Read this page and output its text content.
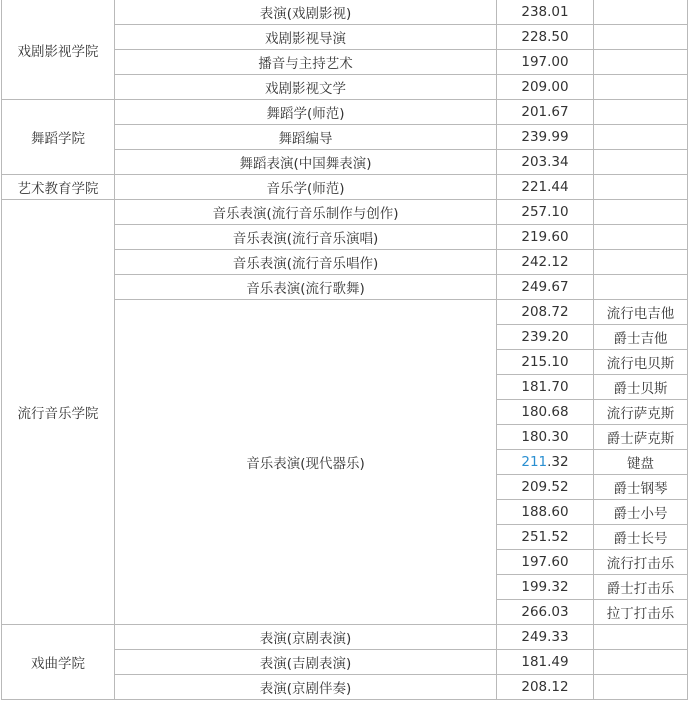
戏剧影视学院	表演(戏剧影视)	238.01	
	戏剧影视导演	228.50	
	播音与主持艺术	197.00	
	戏剧影视文学	209.00	
舞蹈学院	舞蹈学(师范)	201.67	
	舞蹈编导	239.99	
	舞蹈表演(中国舞表演)	203.34	
艺术教育学院	音乐学(师范)	221.44	
流行音乐学院	音乐表演(流行音乐制作与创作)	257.10	
	音乐表演(流行音乐演唱)	219.60	
	音乐表演(流行音乐唱作)	242.12	
	音乐表演(流行歌舞)	249.67	
	音乐表演(现代器乐)	208.72	流行电吉他
		239.20	爵士吉他
		215.10	流行电贝斯
		181.70	爵士贝斯
		180.68	流行萨克斯
		180.30	爵士萨克斯
		211.32	键盘
		209.52	爵士钢琴
		188.60	爵士小号
		251.52	爵士长号
		197.60	流行打击乐
		199.32	爵士打击乐
		266.03	拉丁打击乐
戏曲学院	表演(京剧表演)	249.33	
	表演(吉剧表演)	181.49	
	表演(京剧伴奏)	208.12	
